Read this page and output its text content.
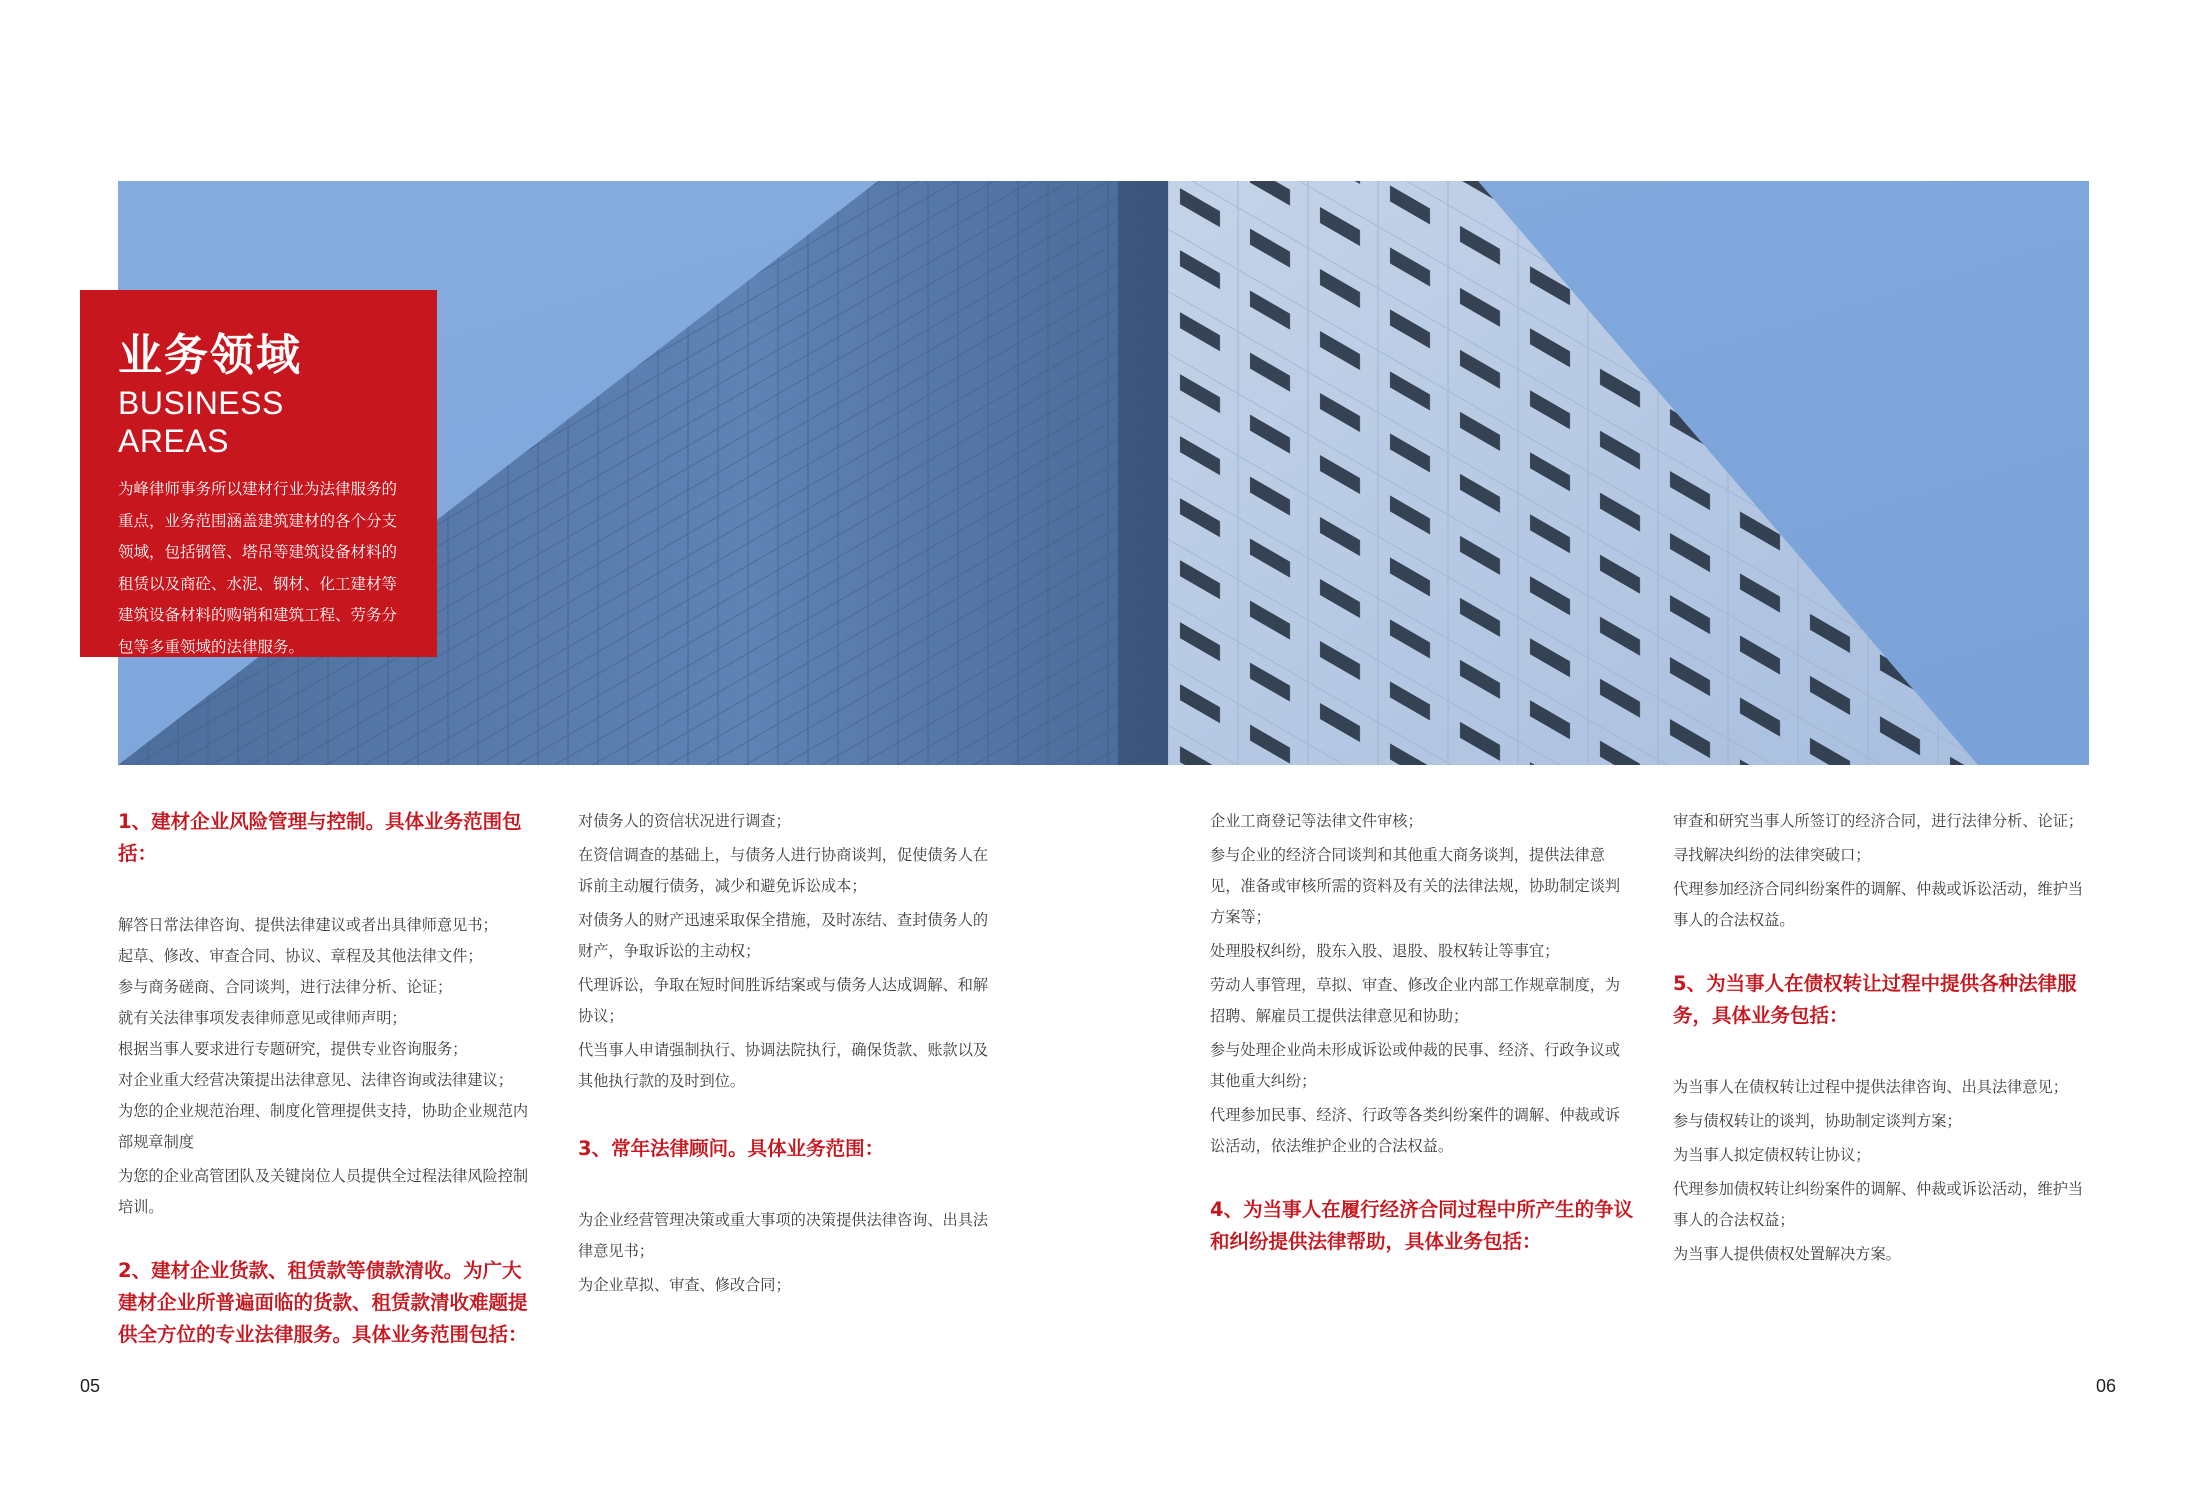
业务领域
BUSINESS AREAS

为峰律师事务所以建材行业为法律服务的重点，业务范围涵盖建筑建材的各个分支领域，包括钢管、塔吊等建筑设备材料的租赁以及商砼、水泥、钢材、化工建材等建筑设备材料的购销和建筑工程、劳务分包等多重领域的法律服务。

1、建材企业风险管理与控制。具体业务范围包括：

解答日常法律咨询、提供法律建议或者出具律师意见书；

起草、修改、审查合同、协议、章程及其他法律文件；

参与商务磋商、合同谈判，进行法律分析、论证；

就有关法律事项发表律师意见或律师声明；

根据当事人要求进行专题研究，提供专业咨询服务；

对企业重大经营决策提出法律意见、法律咨询或法律建议；

为您的企业规范治理、制度化管理提供支持，协助企业规范内部规章制度

为您的企业高管团队及关键岗位人员提供全过程法律风险控制培训。

2、建材企业货款、租赁款等债款清收。为广大建材企业所普遍面临的货款、租赁款清收难题提供全方位的专业法律服务。具体业务范围包括：

对债务人的资信状况进行调查；

在资信调查的基础上，与债务人进行协商谈判，促使债务人在诉前主动履行债务，减少和避免诉讼成本；

对债务人的财产迅速采取保全措施，及时冻结、查封债务人的财产，争取诉讼的主动权；

代理诉讼，争取在短时间胜诉结案或与债务人达成调解、和解协议；

代当事人申请强制执行、协调法院执行，确保货款、账款以及其他执行款的及时到位。

3、常年法律顾问。具体业务范围：

为企业经营管理决策或重大事项的决策提供法律咨询、出具法律意见书；

为企业草拟、审查、修改合同；

企业工商登记等法律文件审核；

参与企业的经济合同谈判和其他重大商务谈判，提供法律意见，准备或审核所需的资料及有关的法律法规，协助制定谈判方案等；

处理股权纠纷，股东入股、退股、股权转让等事宜；

劳动人事管理，草拟、审查、修改企业内部工作规章制度，为招聘、解雇员工提供法律意见和协助；

参与处理企业尚未形成诉讼或仲裁的民事、经济、行政争议或其他重大纠纷；

代理参加民事、经济、行政等各类纠纷案件的调解、仲裁或诉讼活动，依法维护企业的合法权益。

4、为当事人在履行经济合同过程中所产生的争议和纠纷提供法律帮助，具体业务包括：

审查和研究当事人所签订的经济合同，进行法律分析、论证；

寻找解决纠纷的法律突破口；

代理参加经济合同纠纷案件的调解、仲裁或诉讼活动，维护当事人的合法权益。

5、为当事人在债权转让过程中提供各种法律服务，具体业务包括：

为当事人在债权转让过程中提供法律咨询、出具法律意见；

参与债权转让的谈判，协助制定谈判方案；

为当事人拟定债权转让协议；

代理参加债权转让纠纷案件的调解、仲裁或诉讼活动，维护当事人的合法权益；

为当事人提供债权处置解决方案。

05	06
